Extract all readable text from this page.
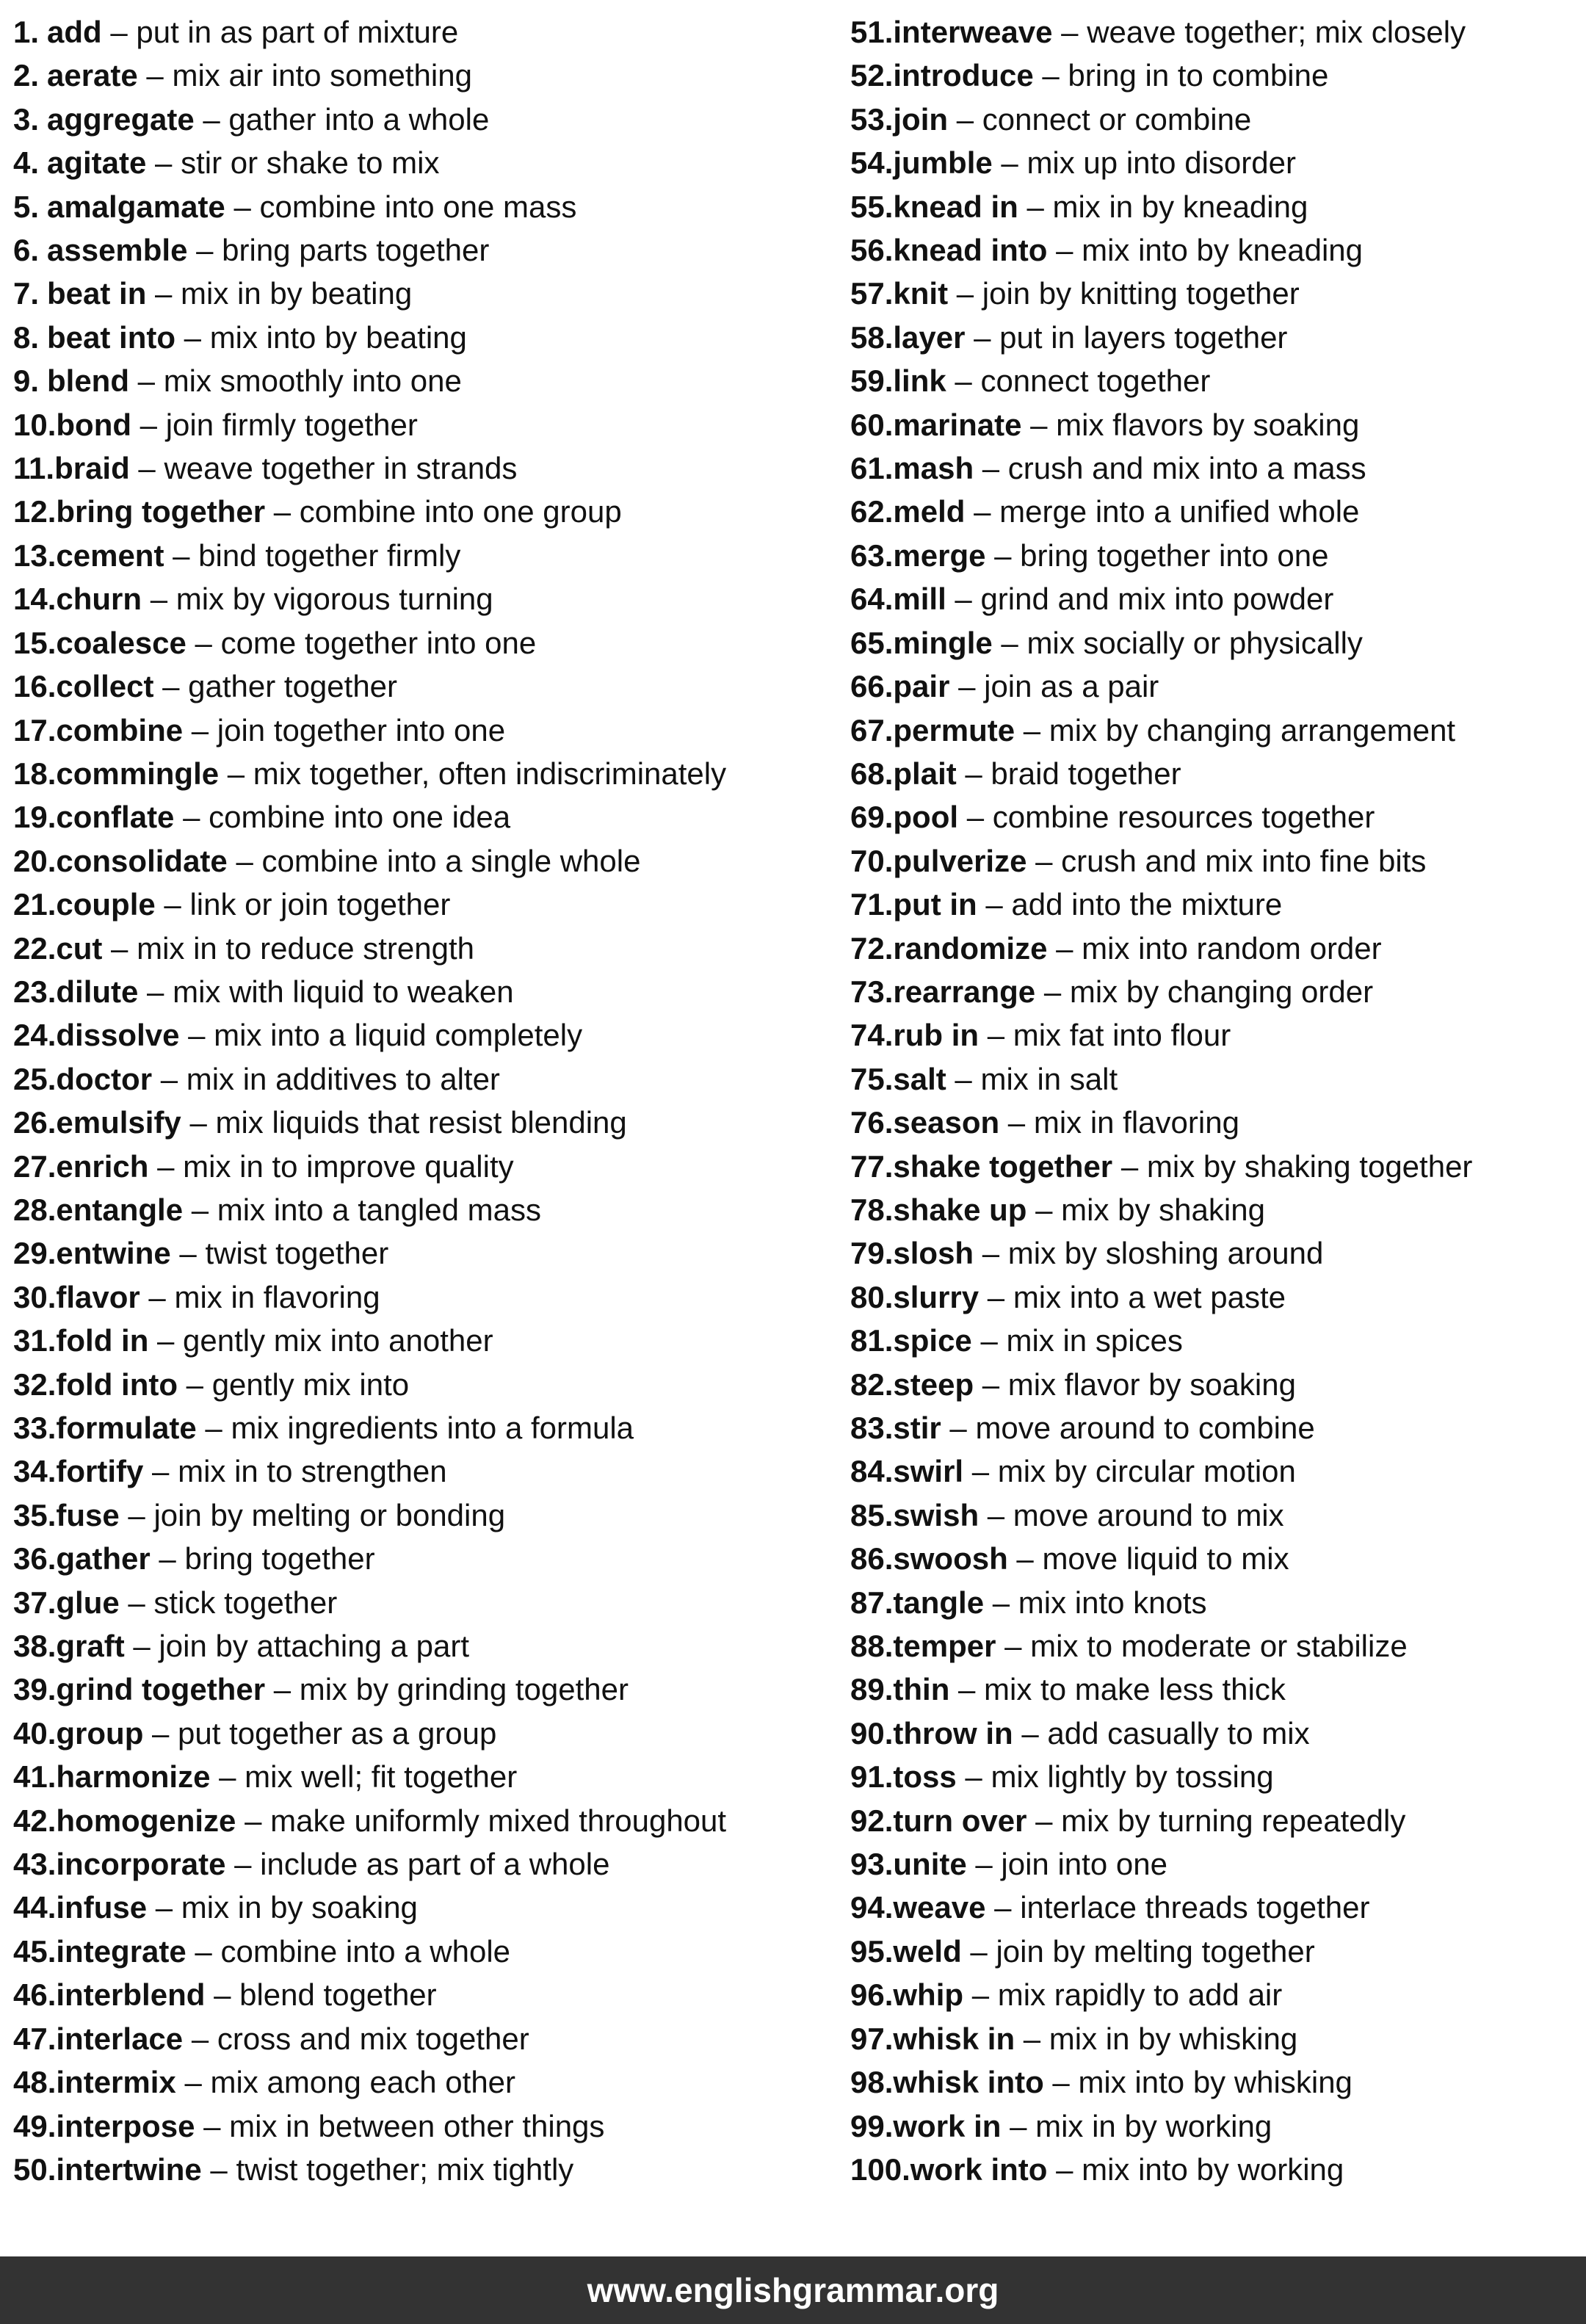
1. add – put in as part of mixture
2. aerate – mix air into something
3. aggregate – gather into a whole
4. agitate – stir or shake to mix
5. amalgamate – combine into one mass
6. assemble – bring parts together
7. beat in – mix in by beating
8. beat into – mix into by beating
9. blend – mix smoothly into one
10. bond – join firmly together
11. braid – weave together in strands
12. bring together – combine into one group
13. cement – bind together firmly
14. churn – mix by vigorous turning
15. coalesce – come together into one
16. collect – gather together
17. combine – join together into one
18. commingle – mix together, often indiscriminately
19. conflate – combine into one idea
20. consolidate – combine into a single whole
21. couple – link or join together
22. cut – mix in to reduce strength
23. dilute – mix with liquid to weaken
24. dissolve – mix into a liquid completely
25. doctor – mix in additives to alter
26. emulsify – mix liquids that resist blending
27. enrich – mix in to improve quality
28. entangle – mix into a tangled mass
29. entwine – twist together
30. flavor – mix in flavoring
31. fold in – gently mix into another
32. fold into – gently mix into
33. formulate – mix ingredients into a formula
34. fortify – mix in to strengthen
35. fuse – join by melting or bonding
36. gather – bring together
37. glue – stick together
38. graft – join by attaching a part
39. grind together – mix by grinding together
40. group – put together as a group
41. harmonize – mix well; fit together
42. homogenize – make uniformly mixed throughout
43. incorporate – include as part of a whole
44. infuse – mix in by soaking
45. integrate – combine into a whole
46. interblend – blend together
47. interlace – cross and mix together
48. intermix – mix among each other
49. interpose – mix in between other things
50. intertwine – twist together; mix tightly
51. interweave – weave together; mix closely
52. introduce – bring in to combine
53. join – connect or combine
54. jumble – mix up into disorder
55. knead in – mix in by kneading
56. knead into – mix into by kneading
57. knit – join by knitting together
58. layer – put in layers together
59. link – connect together
60. marinate – mix flavors by soaking
61. mash – crush and mix into a mass
62. meld – merge into a unified whole
63. merge – bring together into one
64. mill – grind and mix into powder
65. mingle – mix socially or physically
66. pair – join as a pair
67. permute – mix by changing arrangement
68. plait – braid together
69. pool – combine resources together
70. pulverize – crush and mix into fine bits
71. put in – add into the mixture
72. randomize – mix into random order
73. rearrange – mix by changing order
74. rub in – mix fat into flour
75. salt – mix in salt
76. season – mix in flavoring
77. shake together – mix by shaking together
78. shake up – mix by shaking
79. slosh – mix by sloshing around
80. slurry – mix into a wet paste
81. spice – mix in spices
82. steep – mix flavor by soaking
83. stir – move around to combine
84. swirl – mix by circular motion
85. swish – move around to mix
86. swoosh – move liquid to mix
87. tangle – mix into knots
88. temper – mix to moderate or stabilize
89. thin – mix to make less thick
90. throw in – add casually to mix
91. toss – mix lightly by tossing
92. turn over – mix by turning repeatedly
93. unite – join into one
94. weave – interlace threads together
95. weld – join by melting together
96. whip – mix rapidly to add air
97. whisk in – mix in by whisking
98. whisk into – mix into by whisking
99. work in – mix in by working
100. work into – mix into by working
www.englishgrammar.org
